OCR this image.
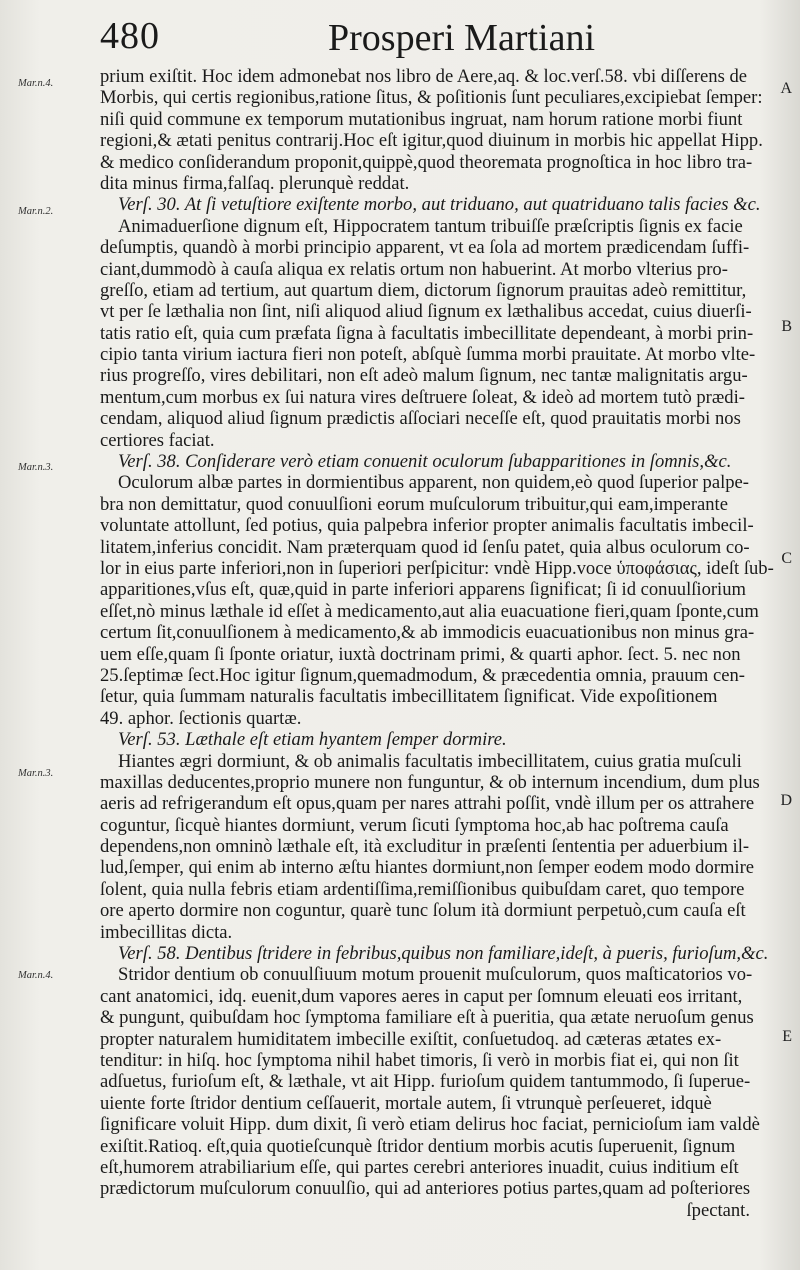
480	Prosperi Martiani
Mar.n.4.
Mar.n.2.
Mar.n.3.
Mar.n.3.
Mar.n.4.
A
B
C
D
E
prium exiſtit. Hoc idem admonebat nos libro de Aere,aq. & loc.verſ.58. vbi diſſerens de
Morbis, qui certis regionibus,ratione ſitus, & poſitionis ſunt peculiares,excipiebat ſemper:
niſi quid commune ex temporum mutationibus ingruat, nam horum ratione morbi fiunt
regioni,& ætati penitus contrarij.Hoc eſt igitur,quod diuinum in morbis hic appellat Hipp.
& medico conſiderandum proponit,quippè,quod theoremata prognoſtica in hoc libro tra-
dita minus firma,falſaq. plerunquè reddat.
Verſ. 30. At ſi vetuſtiore exiſtente morbo, aut triduano, aut quatriduano talis facies &c.
Animaduerſione dignum eſt, Hippocratem tantum tribuiſſe præſcriptis ſignis ex facie
deſumptis, quandò à morbi principio apparent, vt ea ſola ad mortem prædicendam ſuffi-
ciant,dummodò à cauſa aliqua ex relatis ortum non habuerint. At morbo vlterius pro-
greſſo, etiam ad tertium, aut quartum diem, dictorum ſignorum prauitas adeò remittitur,
vt per ſe læthalia non ſint, niſi aliquod aliud ſignum ex læthalibus accedat, cuius diuerſi-
tatis ratio eſt, quia cum præfata ſigna à facultatis imbecillitate dependeant, à morbi prin-
cipio tanta virium iactura fieri non poteſt, abſquè ſumma morbi prauitate. At morbo vlte-
rius progreſſo, vires debilitari, non eſt adeò malum ſignum, nec tantæ malignitatis argu-
mentum,cum morbus ex ſui natura vires deſtruere ſoleat, & ideò ad mortem tutò prædi-
cendam, aliquod aliud ſignum prædictis aſſociari neceſſe eſt, quod prauitatis morbi nos
certiores faciat.
Verſ. 38. Conſiderare verò etiam conuenit oculorum ſubapparitiones in ſomnis,&c.
Oculorum albæ partes in dormientibus apparent, non quidem,eò quod ſuperior palpe-
bra non demittatur, quod conuulſioni eorum muſculorum tribuitur,qui eam,imperante
voluntate attollunt, ſed potius, quia palpebra inferior propter animalis facultatis imbecil-
litatem,inferius concidit. Nam præterquam quod id ſenſu patet, quia albus oculorum co-
lor in eius parte inferiori,non in ſuperiori perſpicitur: vndè Hipp.voce ὑποφάσιας, ideſt ſub-
apparitiones,vſus eſt, quæ,quid in parte inferiori apparens ſignificat; ſi id conuulſiorium
eſſet,nò minus læthale id eſſet à medicamento,aut alia euacuatione fieri,quam ſponte,cum
certum ſit,conuulſionem à medicamento,& ab immodicis euacuationibus non minus gra-
uem eſſe,quam ſi ſponte oriatur, iuxtà doctrinam primi, & quarti aphor. ſect. 5. nec non
25.ſeptimæ ſect.Hoc igitur ſignum,quemadmodum, & præcedentia omnia, prauum cen-
ſetur, quia ſummam naturalis facultatis imbecillitatem ſignificat. Vide expoſitionem
49. aphor. ſectionis quartæ.
Verſ. 53. Læthale eſt etiam hyantem ſemper dormire.
Hiantes ægri dormiunt, & ob animalis facultatis imbecillitatem, cuius gratia muſculi
maxillas deducentes,proprio munere non funguntur, & ob internum incendium, dum plus
aeris ad refrigerandum eſt opus,quam per nares attrahi poſſit, vndè illum per os attrahere
coguntur, ſicquè hiantes dormiunt, verum ſicuti ſymptoma hoc,ab hac poſtrema cauſa
dependens,non omninò læthale eſt, ità excluditur in præſenti ſententia per aduerbium il-
lud,ſemper, qui enim ab interno æſtu hiantes dormiunt,non ſemper eodem modo dormire
ſolent, quia nulla febris etiam ardentiſſima,remiſſionibus quibuſdam caret, quo tempore
ore aperto dormire non coguntur, quarè tunc ſolum ità dormiunt perpetuò,cum cauſa eſt
imbecillitas dicta.
Verſ. 58. Dentibus ſtridere in febribus,quibus non familiare,ideſt, à pueris, furioſum,&c.
Stridor dentium ob conuulſiuum motum prouenit muſculorum, quos maſticatorios vo-
cant anatomici, idq. euenit,dum vapores aeres in caput per ſomnum eleuati eos irritant,
& pungunt, quibuſdam hoc ſymptoma familiare eſt à pueritia, qua ætate neruoſum genus
propter naturalem humiditatem imbecille exiſtit, conſuetudoq. ad cæteras ætates ex-
tenditur: in hiſq. hoc ſymptoma nihil habet timoris, ſi verò in morbis fiat ei, qui non ſit
adſuetus, furioſum eſt, & læthale, vt ait Hipp. furioſum quidem tantummodo, ſi ſuperue-
uiente forte ſtridor dentium ceſſauerit, mortale autem, ſi vtrunquè perſeueret, idquè
ſignificare voluit Hipp. dum dixit, ſi verò etiam delirus hoc faciat, pernicioſum iam valdè
exiſtit.Ratioq. eſt,quia quotieſcunquè ſtridor dentium morbis acutis ſuperuenit, ſignum
eſt,humorem atrabiliarium eſſe, qui partes cerebri anteriores inuadit, cuius inditium eſt
prædictorum muſculorum conuulſio, qui ad anteriores potius partes,quam ad poſteriores
ſpectant.
